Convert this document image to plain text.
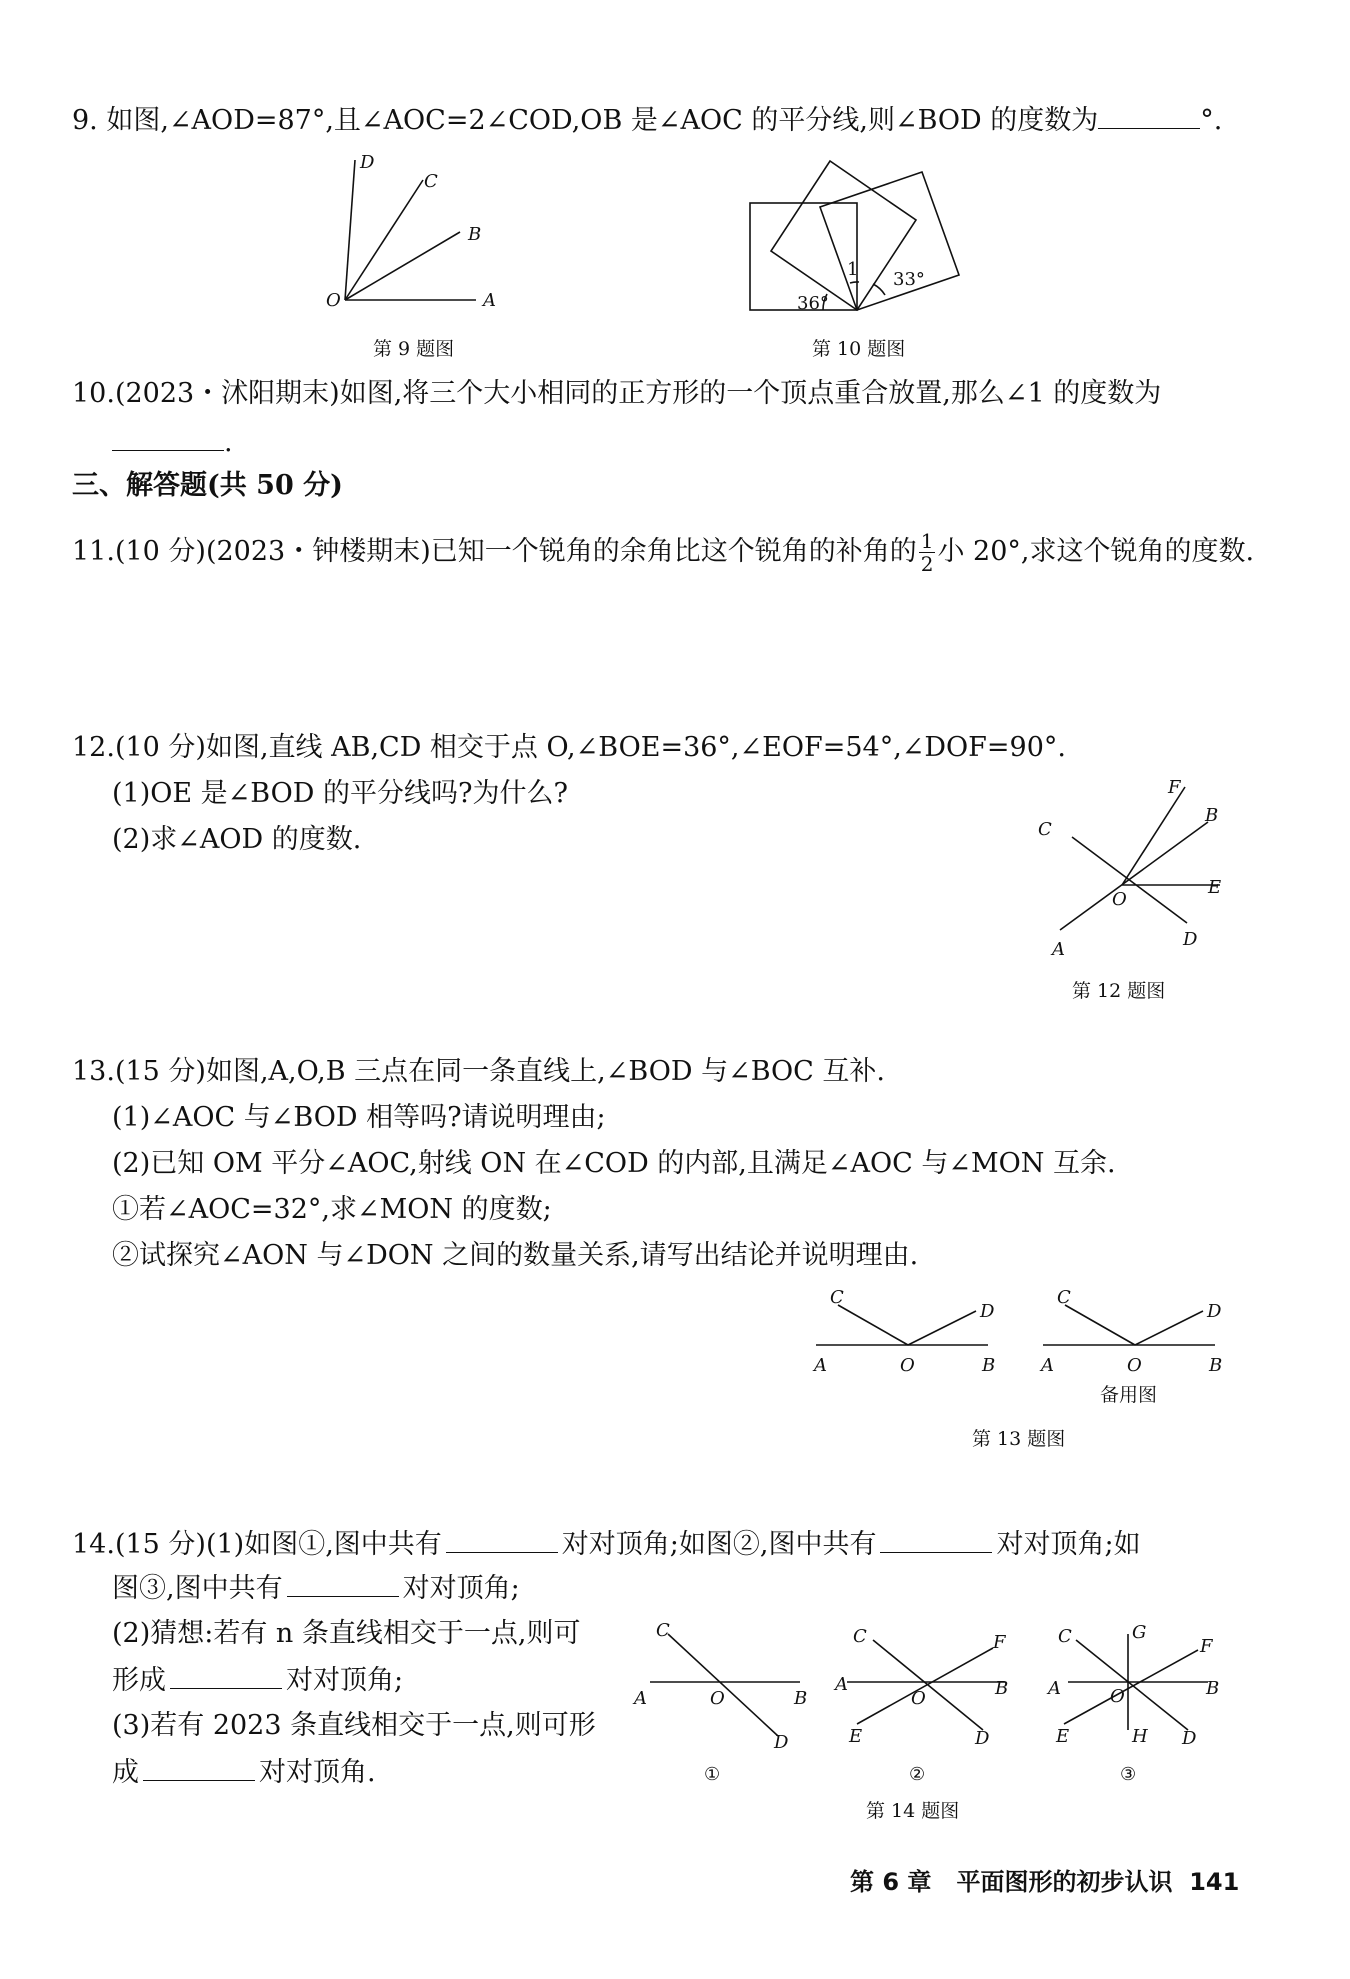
9. 如图,∠AOD=87°,且∠AOC=2∠COD,OB 是∠AOC 的平分线,则∠BOD 的度数为	°.
D
C
B
O	A
第 9 题图
36°
1 33°
第 10 题图
10.(2023・沭阳期末)如图,将三个大小相同的正方形的一个顶点重合放置,那么∠1 的度数为
.
三、解答题(共 50 分)
11.(10 分)(2023・钟楼期末)已知一个锐角的余角比这个锐角的补角的 $\frac{1}{2}$ 小 20°,求这个锐角的度数.
12.(10 分)如图,直线 AB,CD 相交于点 O,∠BOE=36°,∠EOF=54°,∠DOF=90°.
(1)OE 是∠BOD 的平分线吗?为什么?
(2)求∠AOD 的度数.
F
B
C
O
E
A	D
第 12 题图
13.(15 分)如图,A,O,B 三点在同一条直线上,∠BOD 与∠BOC 互补.
(1)∠AOC 与∠BOD 相等吗?请说明理由;
(2)已知 OM 平分∠AOC,射线 ON 在∠COD 的内部,且满足∠AOC 与∠MON 互余.
①若∠AOC=32°,求∠MON 的度数;
②试探究∠AON 与∠DON 之间的数量关系,请写出结论并说明理由.
C
D
A	O	B
C
D
A	O	B
备用图
第 13 题图
14.(15 分)(1)如图①,图中共有	对对顶角;如图②,图中共有	对对顶角;如
图③,图中共有	对对顶角;
(2)猜想:若有 n 条直线相交于一点,则可
形成	对对顶角;
(3)若有 2023 条直线相交于一点,则可形
成	对对顶角.
C
A	O	B
D
①
C	F
A
O	B
E	D
②
C	G
F
A	O	B
E	H D
③
第 14 题图
第 6 章 平面图形的初步认识 141
